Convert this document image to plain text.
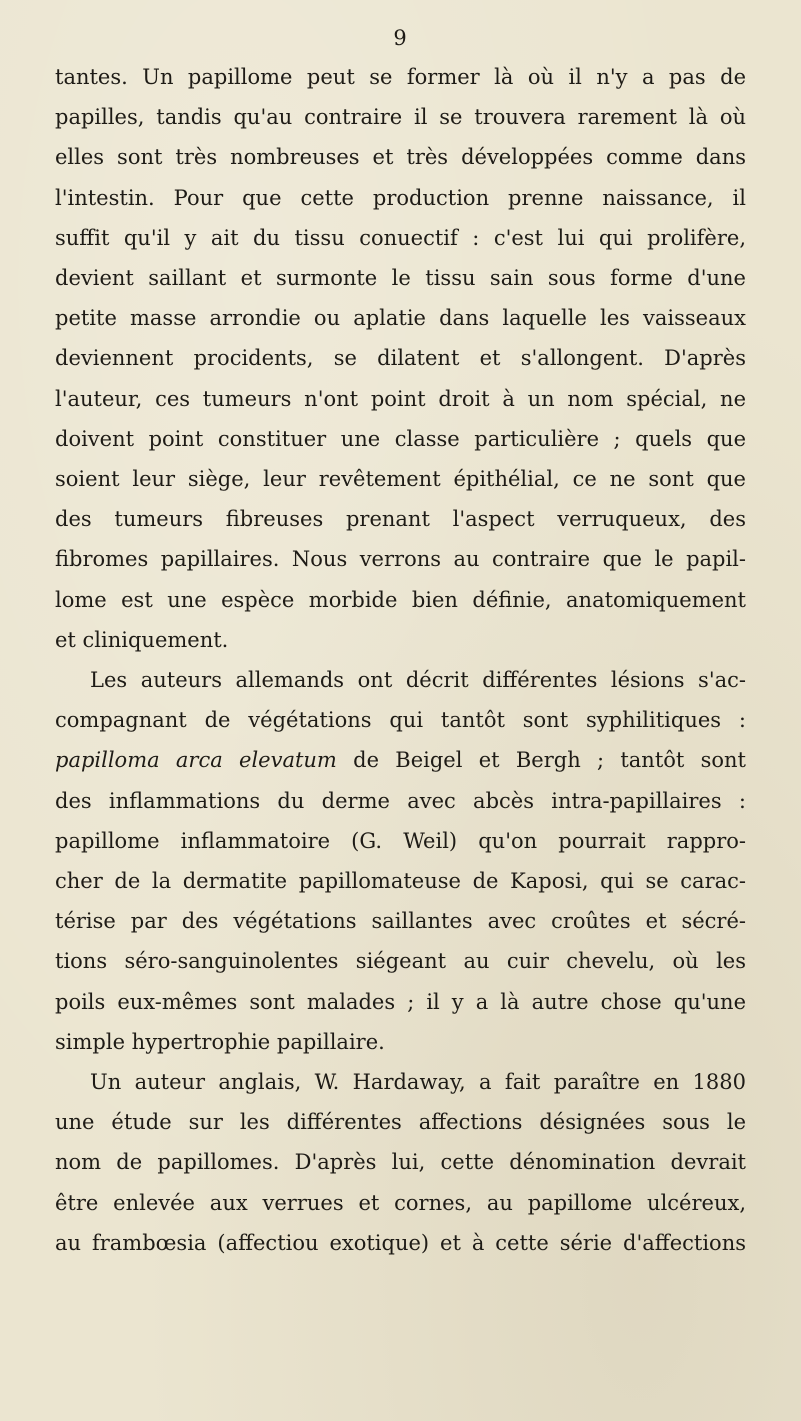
9
tantes. Un papillome peut se former là où il n'y a pas de
papilles, tandis qu'au contraire il se trouvera rarement là où
elles sont très nombreuses et très développées comme dans
l'intestin. Pour que cette production prenne naissance, il
suffit qu'il y ait du tissu conuectif : c'est lui qui prolifère,
devient saillant et surmonte le tissu sain sous forme d'une
petite masse arrondie ou aplatie dans laquelle les vaisseaux
deviennent procidents, se dilatent et s'allongent. D'après
l'auteur, ces tumeurs n'ont point droit à un nom spécial, ne
doivent point constituer une classe particulière ; quels que
soient leur siège, leur revêtement épithélial, ce ne sont que
des tumeurs fibreuses prenant l'aspect verruqueux, des
fibromes papillaires. Nous verrons au contraire que le papil-
lome est une espèce morbide bien définie, anatomiquement
et cliniquement.
Les auteurs allemands ont décrit différentes lésions s'ac-
compagnant de végétations qui tantôt sont syphilitiques :
papilloma arca elevatum de Beigel et Bergh ; tantôt sont
des inflammations du derme avec abcès intra-papillaires :
papillome inflammatoire (G. Weil) qu'on pourrait rappro-
cher de la dermatite papillomateuse de Kaposi, qui se carac-
térise par des végétations saillantes avec croûtes et sécré-
tions séro-sanguinolentes siégeant au cuir chevelu, où les
poils eux-mêmes sont malades ; il y a là autre chose qu'une
simple hypertrophie papillaire.
Un auteur anglais, W. Hardaway, a fait paraître en 1880
une étude sur les différentes affections désignées sous le
nom de papillomes. D'après lui, cette dénomination devrait
être enlevée aux verrues et cornes, au papillome ulcéreux,
au frambœsia (affectiou exotique) et à cette série d'affections
